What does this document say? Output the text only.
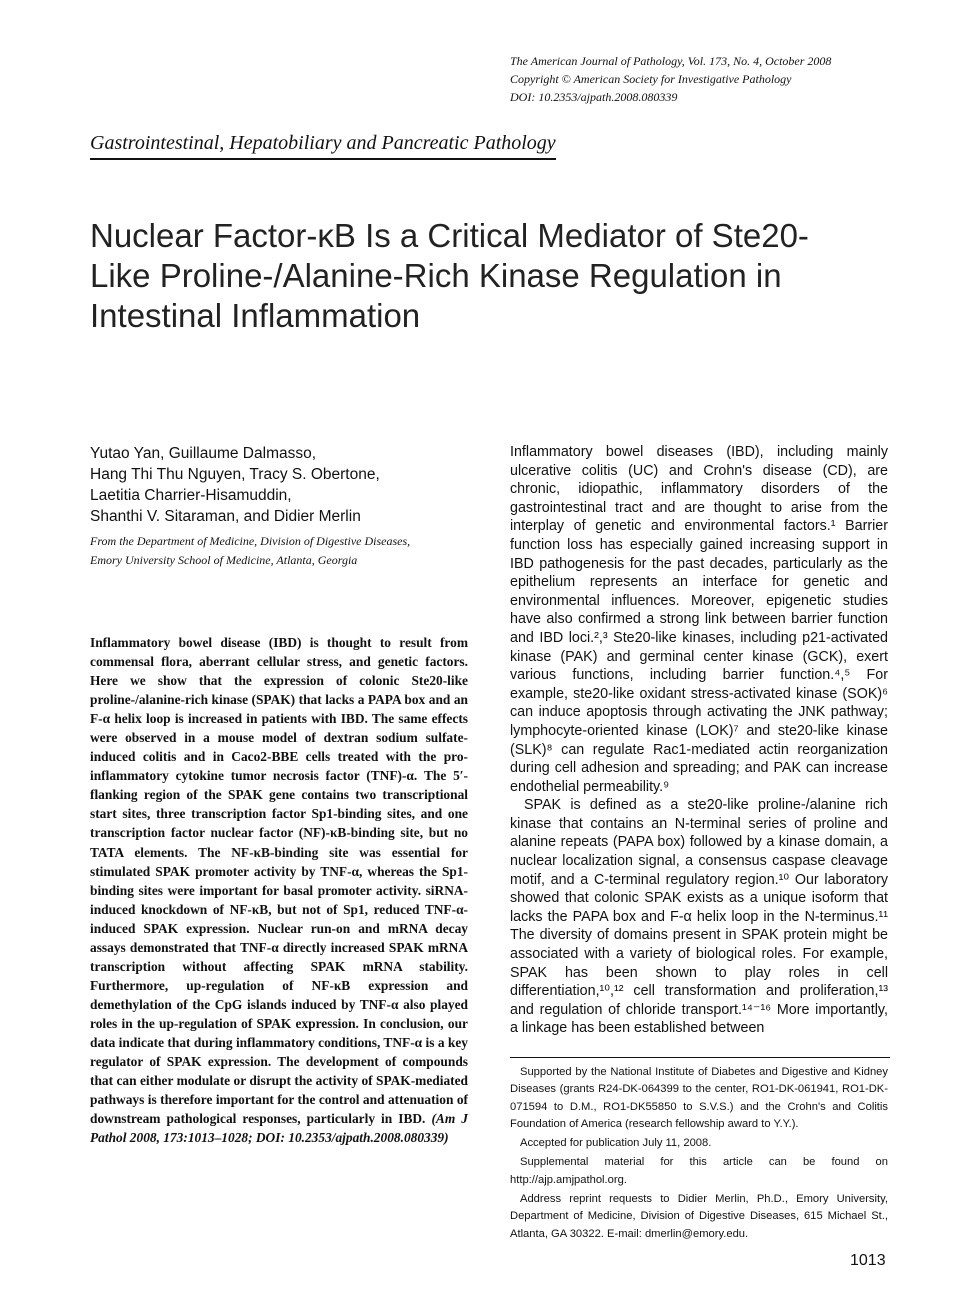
The American Journal of Pathology, Vol. 173, No. 4, October 2008
Copyright © American Society for Investigative Pathology
DOI: 10.2353/ajpath.2008.080339
Gastrointestinal, Hepatobiliary and Pancreatic Pathology
Nuclear Factor-κB Is a Critical Mediator of Ste20-Like Proline-/Alanine-Rich Kinase Regulation in Intestinal Inflammation
Yutao Yan, Guillaume Dalmasso,
Hang Thi Thu Nguyen, Tracy S. Obertone,
Laetitia Charrier-Hisamuddin,
Shanthi V. Sitaraman, and Didier Merlin
From the Department of Medicine, Division of Digestive Diseases,
Emory University School of Medicine, Atlanta, Georgia
Inflammatory bowel disease (IBD) is thought to result from commensal flora, aberrant cellular stress, and genetic factors. Here we show that the expression of colonic Ste20-like proline-/alanine-rich kinase (SPAK) that lacks a PAPA box and an F-α helix loop is increased in patients with IBD. The same effects were observed in a mouse model of dextran sodium sulfate-induced colitis and in Caco2-BBE cells treated with the pro-inflammatory cytokine tumor necrosis factor (TNF)-α. The 5′-flanking region of the SPAK gene contains two transcriptional start sites, three transcription factor Sp1-binding sites, and one transcription factor nuclear factor (NF)-κB-binding site, but no TATA elements. The NF-κB-binding site was essential for stimulated SPAK promoter activity by TNF-α, whereas the Sp1-binding sites were important for basal promoter activity. siRNA-induced knockdown of NF-κB, but not of Sp1, reduced TNF-α-induced SPAK expression. Nuclear run-on and mRNA decay assays demonstrated that TNF-α directly increased SPAK mRNA transcription without affecting SPAK mRNA stability. Furthermore, up-regulation of NF-κB expression and demethylation of the CpG islands induced by TNF-α also played roles in the up-regulation of SPAK expression. In conclusion, our data indicate that during inflammatory conditions, TNF-α is a key regulator of SPAK expression. The development of compounds that can either modulate or disrupt the activity of SPAK-mediated pathways is therefore important for the control and attenuation of downstream pathological responses, particularly in IBD. (Am J Pathol 2008, 173:1013–1028; DOI: 10.2353/ajpath.2008.080339)

Inflammatory bowel diseases (IBD), including mainly ulcerative colitis (UC) and Crohn's disease (CD), are chronic, idiopathic, inflammatory disorders of the gastrointestinal tract and are thought to arise from the interplay of genetic and environmental factors.¹ Barrier function loss has especially gained increasing support in IBD pathogenesis for the past decades, particularly as the epithelium represents an interface for genetic and environmental influences. Moreover, epigenetic studies have also confirmed a strong link between barrier function and IBD loci.²,³ Ste20-like kinases, including p21-activated kinase (PAK) and germinal center kinase (GCK), exert various functions, including barrier function.⁴,⁵ For example, ste20-like oxidant stress-activated kinase (SOK)⁶ can induce apoptosis through activating the JNK pathway; lymphocyte-oriented kinase (LOK)⁷ and ste20-like kinase (SLK)⁸ can regulate Rac1-mediated actin reorganization during cell adhesion and spreading; and PAK can increase endothelial permeability.⁹

SPAK is defined as a ste20-like proline-/alanine rich kinase that contains an N-terminal series of proline and alanine repeats (PAPA box) followed by a kinase domain, a nuclear localization signal, a consensus caspase cleavage motif, and a C-terminal regulatory region.¹⁰ Our laboratory showed that colonic SPAK exists as a unique isoform that lacks the PAPA box and F-α helix loop in the N-terminus.¹¹ The diversity of domains present in SPAK protein might be associated with a variety of biological roles. For example, SPAK has been shown to play roles in cell differentiation,¹⁰,¹² cell transformation and proliferation,¹³ and regulation of chloride transport.¹⁴⁻¹⁶ More importantly, a linkage has been established between

Supported by the National Institute of Diabetes and Digestive and Kidney Diseases (grants R24-DK-064399 to the center, RO1-DK-061941, RO1-DK-071594 to D.M., RO1-DK55850 to S.V.S.) and the Crohn's and Colitis Foundation of America (research fellowship award to Y.Y.).

Accepted for publication July 11, 2008.

Supplemental material for this article can be found on http://ajp.amjpathol.org.

Address reprint requests to Didier Merlin, Ph.D., Emory University, Department of Medicine, Division of Digestive Diseases, 615 Michael St., Atlanta, GA 30322. E-mail: dmerlin@emory.edu.

1013
